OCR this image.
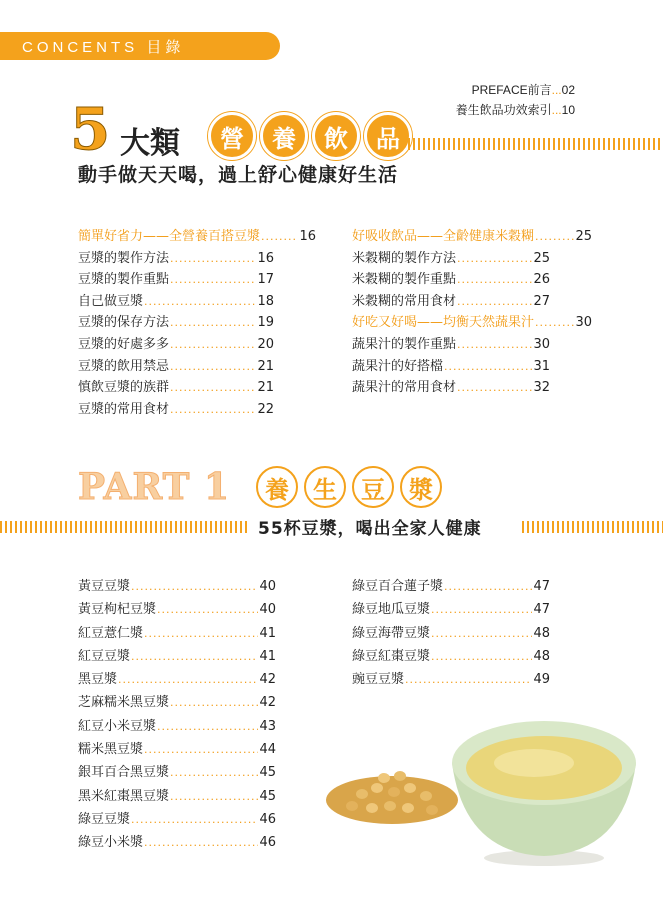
CONCENTS 目錄
PREFACE前言...02
養生飲品功效索引...10
5 大類	營	養	飲	品
動手做天天喝，過上舒心健康好生活
簡單好省力——全營養百搭豆漿 .....	16
豆漿的製作方法 .....	16
豆漿的製作重點 .....	17
自己做豆漿 .....	18
豆漿的保存方法 .....	19
豆漿的好處多多 .....	20
豆漿的飲用禁忌 .....	21
慎飲豆漿的族群 .....	21
豆漿的常用食材 .....	22
好吸收飲品——全齡健康米穀糊 .....	25
米穀糊的製作方法 .....	25
米穀糊的製作重點 .....	26
米穀糊的常用食材 .....	27
好吃又好喝——均衡天然蔬果汁 .....	30
蔬果汁的製作重點 .....	30
蔬果汁的好搭檔 .....	31
蔬果汁的常用食材 .....	32
PART 1	養	生	豆	漿
55杯豆漿，喝出全家人健康
黃豆豆漿 .....	40
黃豆枸杞豆漿 .....	40
紅豆薏仁漿 .....	41
紅豆豆漿 .....	41
黑豆漿 .....	42
芝麻糯米黑豆漿 .....	42
紅豆小米豆漿 .....	43
糯米黑豆漿 .....	44
銀耳百合黑豆漿 .....	45
黑米紅棗黑豆漿 .....	45
綠豆豆漿 .....	46
綠豆小米漿 .....	46
綠豆百合蓮子漿 .....	47
綠豆地瓜豆漿 .....	47
綠豆海帶豆漿 .....	48
綠豆紅棗豆漿 .....	48
豌豆豆漿 .....	49
